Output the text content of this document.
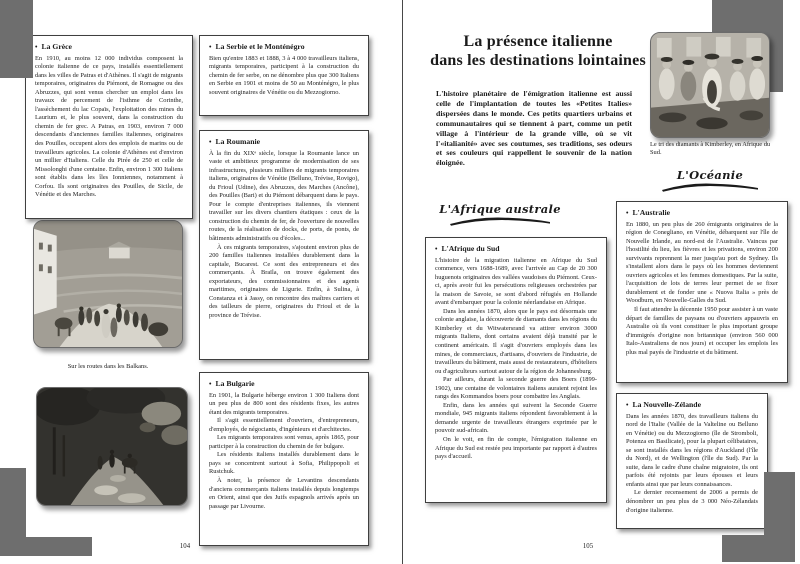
• La Grèce

En 1910, au moins 12 000 individus composent la colonie italienne de ce pays, installés essentiellement dans les villes de Patras et d'Athènes. Il s'agit de migrants temporaires, originaires du Piémont, de Romagne ou des Abruzzes, qui sont venus chercher un emploi dans les travaux de percement de l'isthme de Corinthe, l'assèchement du lac Copaïs, l'exploitation des mines du Laurium et, le plus souvent, dans la construction du chemin de fer grec. A Patras, en 1903, environ 7 000 descendants d'anciennes familles italiennes, originaires des Pouilles, occupent alors des emplois de marins ou de travailleurs agricoles. La colonie d'Athènes est d'environ un millier d'Italiens. Celle du Pirée de 250 et celle de Missolonghi d'une centaine. Enfin, environ 1 300 Italiens sont établis dans les îles Ionniennes, notamment à Corfou. Ils sont originaires des Pouilles, de Sicile, de Vénétie et des Marches.

• La Serbie et le Monténégro

Bien qu'entre 1883 et 1888, 3 à 4 000 travailleurs italiens, migrants temporaires, participent à la construction du chemin de fer serbe, on ne dénombre plus que 300 Italiens en Serbie en 1901 et moins de 50 au Monténégro, le plus souvent originaires de Vénétie ou du Mezzogiorno.

• La Roumanie

À la fin du XIXᵉ siècle, lorsque la Roumanie lance un vaste et ambitieux programme de modernisation de ses infrastructures, plusieurs milliers de migrants temporaires italiens, originaires de Vénétie (Belluno, Trévise, Rovigo), du Frioul (Udine), des Abruzzes, des Marches (Ancône), des Pouilles (Bari) et du Piémont débarquent dans le pays. Pour le compte d'entreprises italiennes, ils viennent travailler sur les divers chantiers étatiques : ceux de la construction du chemin de fer, de l'ouverture de nouvelles routes, de la réalisation de docks, de ports, de ponts, de bâtiments administratifs ou d'écoles...

À ces migrants temporaires, s'ajoutent environ plus de 200 familles italiennes installées durablement dans la capitale, Bucarest. Ce sont des entrepreneurs et des commerçants. À Braïla, on trouve également des exportateurs, des commissionnaires et des agents maritimes, originaires de Ligurie. Enfin, à Sulina, à Constanza et à Jassy, on rencontre des maîtres carriers et des tailleurs de pierre, originaires du Frioul et de la province de Trévise.

• La Bulgarie

En 1901, la Bulgarie héberge environ 1 300 Italiens dont un peu plus de 800 sont des résidents fixes, les autres étant des migrants temporaires.

Il s'agit essentiellement d'ouvriers, d'entrepreneurs, d'employés, de négociants, d'ingénieurs et d'architectes.

Les migrants temporaires sont venus, après 1865, pour participer à la construction du chemin de fer bulgare.

Les résidents italiens installés durablement dans le pays se concentrent surtout à Sofia, Philippopoli et Rustchuk.

À noter, la présence de Levantins descendants d'anciens commerçants italiens installés depuis longtemps en Orient, ainsi que des Juifs espagnols arrivés après un passage par Livourne.

Sur les routes dans les Balkans.
104
La présence italienne
dans les destinations lointaines

L'histoire planétaire de l'émigration italienne est aussi celle de l'implantation de toutes les «Petites Italies» dispersées dans le monde. Ces petits quartiers urbains et communautaires qui se tiennent à part, comme un petit village à l'intérieur de la grande ville, où se vit l'«italianité» avec ses coutumes, ses traditions, ses odeurs et ses couleurs qui rappellent le souvenir de la nation éloignée.

L'Afrique australe
• L'Afrique du Sud

L'histoire de la migration italienne en Afrique du Sud commence, vers 1688-1689, avec l'arrivée au Cap de 20 300 huguenots originaires des vallées vaudoises du Piémont. Ceux-ci, après avoir fui les persécutions religieuses orchestrées par la maison de Savoie, se sont d'abord réfugiés en Hollande avant d'embarquer pour la colonie néerlandaise en Afrique.

Dans les années 1870, alors que le pays est désormais une colonie anglaise, la découverte de diamants dans les régions du Kimberley et du Witwatersrand va attirer environ 3000 migrants Italiens, dont certains avaient déjà transité par le continent américain. Il s'agit d'ouvriers employés dans les mines, de commerciaux, d'artisans, d'ouvriers de l'industrie, de travailleurs du bâtiment, mais aussi de restaurateurs, d'hôteliers ou d'agriculteurs surtout autour de la région de Johannesburg.

Par ailleurs, durant la seconde guerre des Boers (1899-1902), une centaine de volontaires italiens auraient rejoint les rangs des Kommandos boers pour combattre les Anglais.

Enfin, dans les années qui suivent la Seconde Guerre mondiale, 945 migrants italiens répondent favorablement à la demande urgente de travailleurs étrangers exprimée par le pouvoir sud-africain.

On le voit, en fin de compte, l'émigration italienne en Afrique du Sud est restée peu importante par rapport à d'autres pays d'accueil.

Le tri des diamants à Kimberley, en Afrique du Sud.
L'Océanie
• L'Australie

En 1880, un peu plus de 260 émigrants originaires de la région de Conegliano, en Vénétie, débarquent sur l'île de Nouvelle Irlande, au nord-est de l'Australie. Vaincus par l'hostilité du lieu, les fièvres et les privations, environ 200 survivants reprennent la mer jusqu'au port de Sydney. Ils s'installent alors dans le pays où les hommes deviennent ouvriers agricoles et les femmes domestiques. Par la suite, l'acquisition de lots de terres leur permet de se fixer durablement et de fonder une « Nuova Italia » près de Woodburn, en Nouvelle-Galles du Sud.

Il faut attendre la décennie 1950 pour assister à un vaste départ de familles de paysans ou d'ouvriers appauvris en Australie où ils vont constituer le plus important groupe d'immigrés d'origine non britannique (environ 560 000 Italo-Australiens de nos jours) et occuper les emplois les plus mal payés de l'industrie et du bâtiment.

• La Nouvelle-Zélande

Dans les années 1870, des travailleurs italiens du nord de l'Italie (Vallée de la Valteline ou Belluno en Vénétie) ou du Mezzogiorno (île de Stromboli, Potenza en Basilicate), pour la plupart célibataires, se sont installés dans les régions d'Auckland (l'île du Nord), et de Wellington (l'île du Sud). Par la suite, dans le cadre d'une chaîne migratoire, ils ont parfois été rejoints par leurs épouses et leurs enfants ainsi que par leurs connaissances.

Le dernier recensement de 2006 a permis de dénombrer un peu plus de 3 000 Néo-Zélandais d'origine italienne.

105
